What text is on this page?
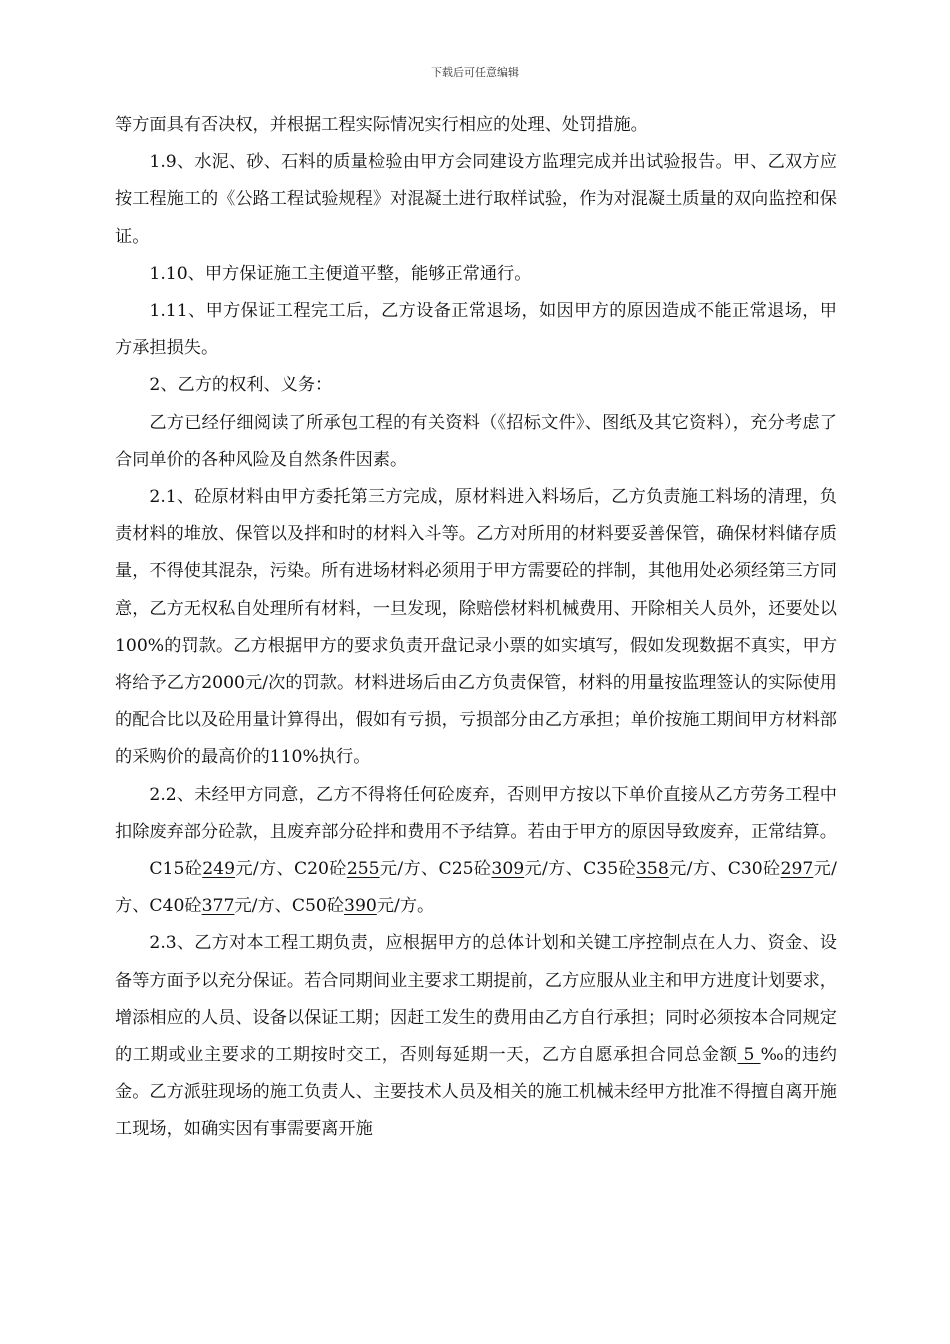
下载后可任意编辑

等方面具有否决权，并根据工程实际情况实行相应的处理、处罚措施。

1.9、水泥、砂、石料的质量检验由甲方会同建设方监理完成并出试验报告。甲、乙双方应按工程施工的《公路工程试验规程》对混凝土进行取样试验，作为对混凝土质量的双向监控和保证。

1.10、甲方保证施工主便道平整，能够正常通行。

1.11、甲方保证工程完工后，乙方设备正常退场，如因甲方的原因造成不能正常退场，甲方承担损失。

2、乙方的权利、义务：

乙方已经仔细阅读了所承包工程的有关资料（《招标文件》、图纸及其它资料），充分考虑了合同单价的各种风险及自然条件因素。

2.1、砼原材料由甲方委托第三方完成，原材料进入料场后，乙方负责施工料场的清理，负责材料的堆放、保管以及拌和时的材料入斗等。乙方对所用的材料要妥善保管，确保材料储存质量，不得使其混杂，污染。所有进场材料必须用于甲方需要砼的拌制，其他用处必须经第三方同意，乙方无权私自处理所有材料，一旦发现，除赔偿材料机械费用、开除相关人员外，还要处以100%的罚款。乙方根据甲方的要求负责开盘记录小票的如实填写，假如发现数据不真实，甲方将给予乙方2000元/次的罚款。材料进场后由乙方负责保管，材料的用量按监理签认的实际使用的配合比以及砼用量计算得出，假如有亏损，亏损部分由乙方承担；单价按施工期间甲方材料部的采购价的最高价的110%执行。

2.2、未经甲方同意，乙方不得将任何砼废弃，否则甲方按以下单价直接从乙方劳务工程中扣除废弃部分砼款，且废弃部分砼拌和费用不予结算。若由于甲方的原因导致废弃，正常结算。

C15砼249元/方、C20砼255元/方、C25砼309元/方、C35砼358元/方、C30砼297元/方、C40砼377元/方、C50砼390元/方。

2.3、乙方对本工程工期负责，应根据甲方的总体计划和关键工序控制点在人力、资金、设备等方面予以充分保证。若合同期间业主要求工期提前，乙方应服从业主和甲方进度计划要求，增添相应的人员、设备以保证工期；因赶工发生的费用由乙方自行承担；同时必须按本合同规定的工期或业主要求的工期按时交工，否则每延期一天，乙方自愿承担合同总金额 5 ‰的违约金。乙方派驻现场的施工负责人、主要技术人员及相关的施工机械未经甲方批准不得擅自离开施工现场，如确实因有事需要离开施
